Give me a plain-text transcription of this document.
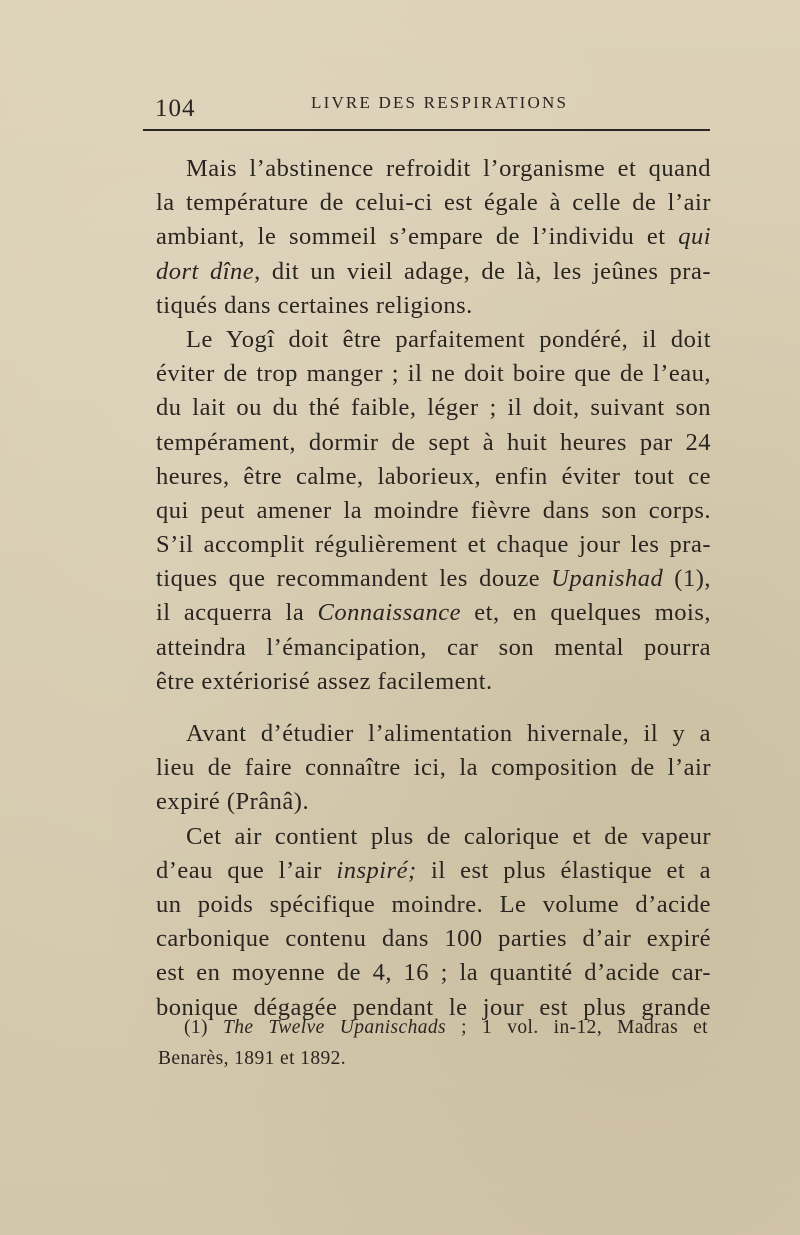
104	LIVRE DES RESPIRATIONS
Mais l’abstinence refroidit l’organisme et quand
la température de celui-ci est égale à celle de l’air
ambiant, le sommeil s’empare de l’individu et qui
dort dîne, dit un vieil adage, de là, les jeûnes pra-
tiqués dans certaines religions.
Le Yogî doit être parfaitement pondéré, il doit
éviter de trop manger ; il ne doit boire que de l’eau,
du lait ou du thé faible, léger ; il doit, suivant son
tempérament, dormir de sept à huit heures par 24
heures, être calme, laborieux, enfin éviter tout ce
qui peut amener la moindre fièvre dans son corps.
S’il accomplit régulièrement et chaque jour les pra-
tiques que recommandent les douze Upanishad (1),
il acquerra la Connaissance et, en quelques mois,
atteindra l’émancipation, car son mental pourra
être extériorisé assez facilement.
Avant d’étudier l’alimentation hivernale, il y a
lieu de faire connaître ici, la composition de l’air
expiré (Prânâ).
Cet air contient plus de calorique et de vapeur
d’eau que l’air inspiré; il est plus élastique et a
un poids spécifique moindre. Le volume d’acide
carbonique contenu dans 100 parties d’air expiré
est en moyenne de 4, 16 ; la quantité d’acide car-
bonique dégagée pendant le jour est plus grande
(1) The Twelve Upanischads ; 1 vol. in-12, Madras et
Benarès, 1891 et 1892.
